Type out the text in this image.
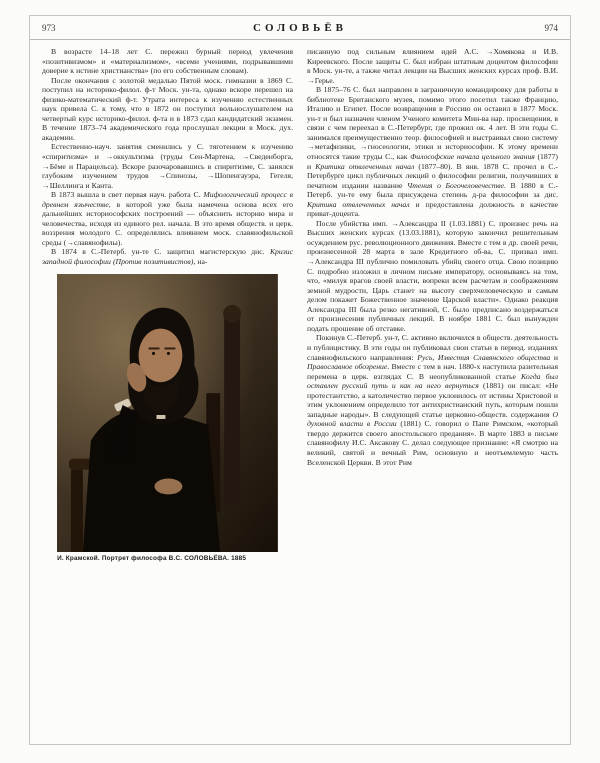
973	СОЛОВЬЁВ	974

В возрасте 14–18 лет С. пережил бурный период увлечения «позитивизмом» и «материализмом», «всеми учениями, подрывавшими доверие к истине христианства» (по его собственным словам).

После окончания с золотой медалью Пятой моск. гимназии в 1869 С. поступил на историко-филол. ф-т Моск. ун-та, однако вскоре перешел на физико-математический ф-т. Утрата интереса к изучению естественных наук привела С. к тому, что в 1872 он поступил вольнослушателем на четвертый курс историко-филол. ф-та и в 1873 сдал кандидатский экзамен. В течение 1873–74 академического года прослушал лекции в Моск. дух. академии.

Естественно-науч. занятия сменились у С. тяготением к изучению «спиритизма» и →оккультизма (труды Сен-Мартена, →Сведенборга, →Бёме и Парацельса). Вскоре разочаровавшись в спиритизме, С. занялся глубоким изучением трудов →Спинозы, →Шопенгауэра, Гегеля, →Шеллинга и Канта.

В 1873 вышла в свет первая науч. работа С. Мифологический процесс в древнем язычестве, в которой уже была намечена основа всех его дальнейших историософских построений — объяснить историю мира и человечества, исходя из единого рел. начала. В это время обществ. и церк. воззрения молодого С. определялись влиянием моск. славянофильской среды (→славянофилы).

В 1874 в С.-Петерб. ун-те С. защитил магистерскую дис. Кризис западной философии (Против позитивистов), на-

И. Крамской. Портрет философа В.С. СОЛОВЬЁВА. 1885

писанную под сильным влиянием идей А.С. →Хомякова и И.В. Киреевского. После защиты С. был избран штатным доцентом философии в Моск. ун-те, а также читал лекции на Высших женских курсах проф. В.И. →Герье.

В 1875–76 С. был направлен в заграничную командировку для работы в библиотеке Британского музея, помимо этого посетил также Францию, Италию и Египет. После возвращения в Россию он оставил в 1877 Моск. ун-т и был назначен членом Ученого комитета Мин-ва нар. просвещения, в связи с чем переехал в С.-Петербург, где прожил ок. 4 лет. В эти годы С. занимался преимущественно теор. философией и выстраивал свою систему →метафизики, →гносеологии, этики и историософии. К этому времени относятся такие труды С., как Философские начала цельного знания (1877) и Критика отвлеченных начал (1877–80). В янв. 1878 С. прочел в С.-Петербурге цикл публичных лекций о философии религии, получивших в печатном издании название Чтения о Богочеловечестве. В 1880 в С.-Петерб. ун-те ему была присуждена степень д-ра философии за дис. Критика отвлеченных начал и предоставлена должность в качестве приват-доцента.

После убийства имп. →Александра II (1.03.1881) С. произнес речь на Высших женских курсах (13.03.1881), которую закончил решительным осуждением рус. революционного движения. Вместе с тем в др. своей речи, произнесенной 28 марта в зале Кредитного об-ва, С. призвал имп. →Александра III публично помиловать убийц своего отца. Свою позицию С. подробно изложил в личном письме императору, основываясь на том, что, «милуя врагов своей власти, вопреки всем расчетам и соображениям земной мудрости, Царь станет на высоту сверхчеловеческую и самым делом покажет Божественное значение Царской власти». Однако реакция Александра III была резко негативной, С. было предписано воздержаться от произнесения публичных лекций. В ноябре 1881 С. был вынужден подать прошение об отставке.

Покинув С.-Петерб. ун-т, С. активно включился в обществ. деятельность и публицистику. В эти годы он публиковал свои статьи в период. изданиях славянофильского направления: Русь, Известия Славянского общества и Православное обозрение. Вместе с тем в нач. 1880-х наступила разительная перемена в церк. взглядах С. В неопубликованной статье Когда был оставлен русский путь и как на него вернуться (1881) он писал: «Не протестантство, а католичество первое уклонилось от истины Христовой и этим уклонением определило тот антихристианский путь, которым пошли западные народы». В следующей статье церковно-обществ. содержания О духовной власти в России (1881) С. говорил о Папе Римском, «который твердо держится своего апостольского предания». В марте 1883 в письме славянофилу И.С. Аксакову С. делал следующее признание: «Я смотрю на великий, святой и вечный Рим, основную и неотъемлемую часть Вселенской Церкви. В этот Рим
